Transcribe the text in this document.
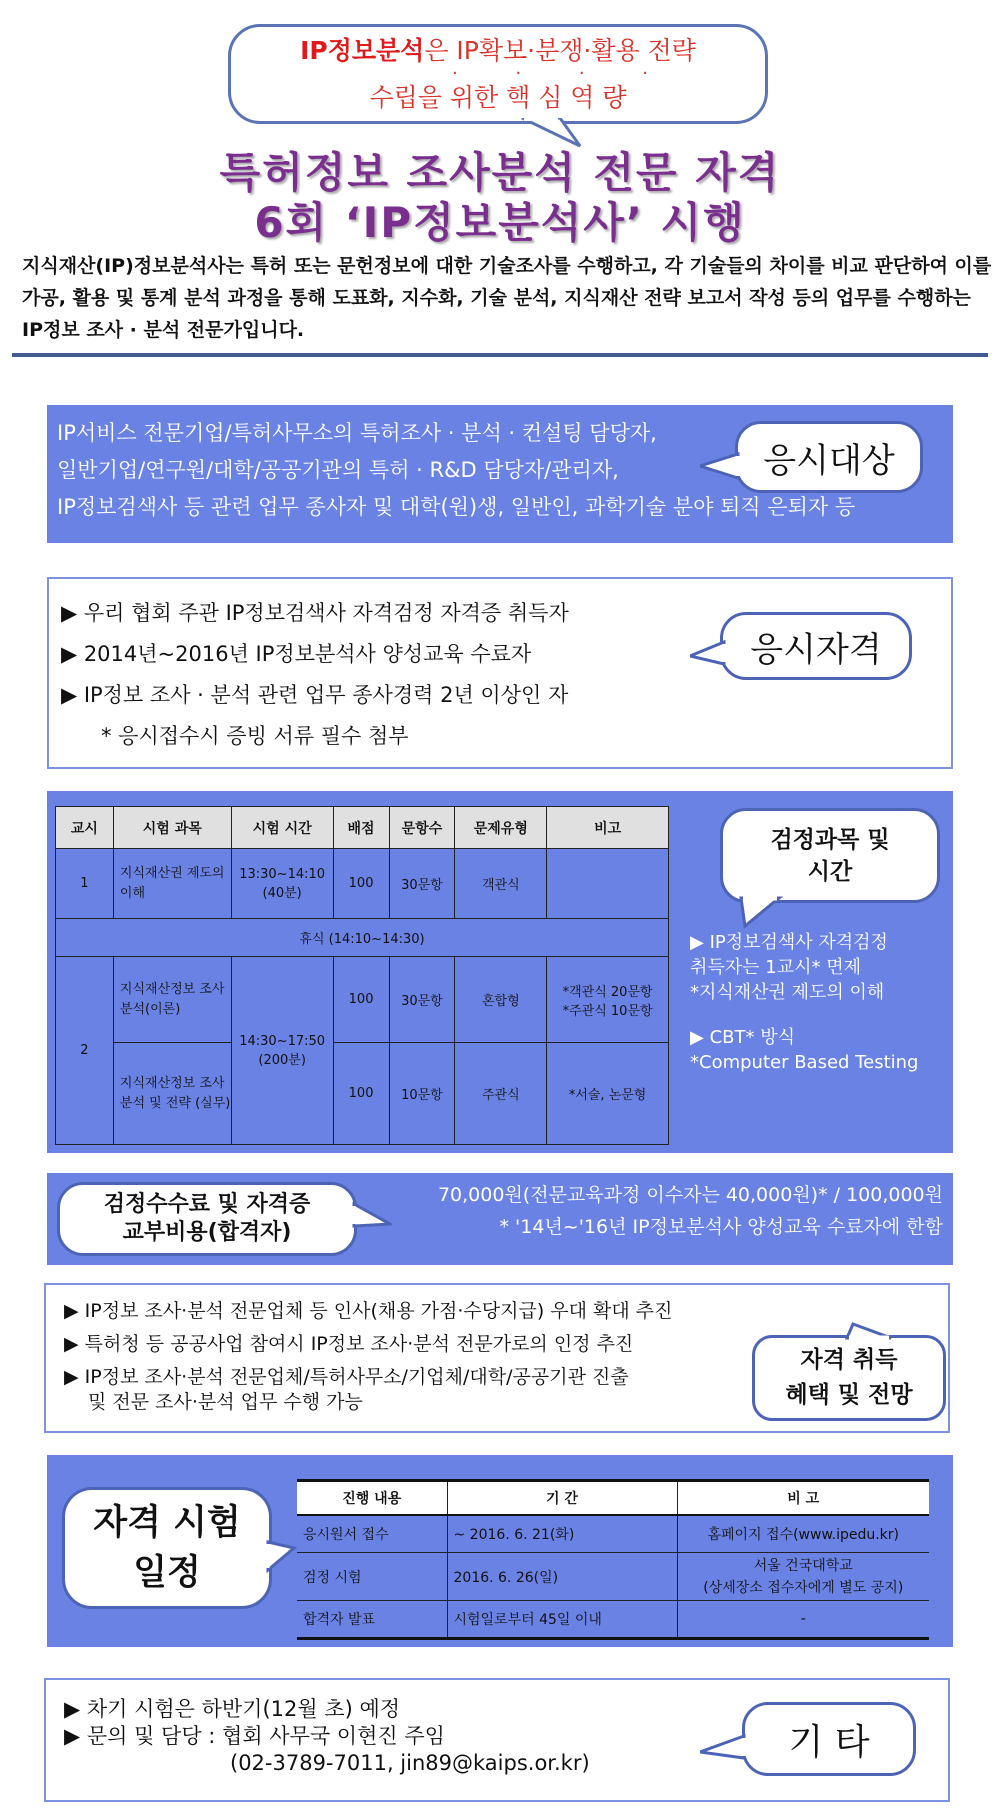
IP정보분석은 IP확보·분쟁·활용 전략
· · · ·
수립을 위한 핵 심 역 량
특허정보 조사분석 전문 자격
6회 ‘IP정보분석사’ 시행
지식재산(IP)정보분석사는 특허 또는 문헌정보에 대한 기술조사를 수행하고, 각 기술들의 차이를 비교 판단하여 이를 가공, 활용 및 통계 분석 과정을 통해 도표화, 지수화, 기술 분석, 지식재산 전략 보고서 작성 등의 업무를 수행하는 IP정보 조사 · 분석 전문가입니다.
IP서비스 전문기업/특허사무소의 특허조사 · 분석 · 컨설팅 담당자,
일반기업/연구원/대학/공공기관의 특허 · R&D 담당자/관리자,
IP정보검색사 등 관련 업무 종사자 및 대학(원)생, 일반인, 과학기술 분야 퇴직 은퇴자 등
응시대상
▶ 우리 협회 주관 IP정보검색사 자격검정 자격증 취득자
▶ 2014년~2016년 IP정보분석사 양성교육 수료자
▶ IP정보 조사 · 분석 관련 업무 종사경력 2년 이상인 자
* 응시접수시 증빙 서류 필수 첨부
응시자격
교시	시험 과목	시험 시간	배점	문항수	문제유형	비고
1	지식재산권 제도의 이해	13:30~14:10 (40분)	100	30문항	객관식	
휴식 (14:10~14:30)						
2	지식재산정보 조사분석(이론)	14:30~17:50 (200분)	100	30문항	혼합형	*객관식 20문항
*주관식 10문항

	지식재산정보 조사분석 및 전략 (실무)		100	10문항	주관식	*서술, 논문형
검정과목 및
시간
▶ IP정보검색사 자격검정
취득자는 1교시* 면제
*지식재산권 제도의 이해
▶ CBT* 방식
*Computer Based Testing
70,000원(전문교육과정 이수자는 40,000원)* / 100,000원
* '14년~'16년 IP정보분석사 양성교육 수료자에 한함
검정수수료 및 자격증
교부비용(합격자)
▶ IP정보 조사·분석 전문업체 등 인사(채용 가점·수당지급) 우대 확대 추진
▶ 특허청 등 공공사업 참여시 IP정보 조사·분석 전문가로의 인정 추진
▶ IP정보 조사·분석 전문업체/특허사무소/기업체/대학/공공기관 진출
및 전문 조사·분석 업무 수행 가능
자격 취득
혜택 및 전망
자격 시험
일정
진행 내용	기 간	비 고
응시원서 접수	~ 2016. 6. 21(화)	홈페이지 접수(www.ipedu.kr)
검정 시험	2016. 6. 26(일)	서울 건국대학교
(상세장소 접수자에게 별도 공지)

합격자 발표	시험일로부터 45일 이내	-
▶ 차기 시험은 하반기(12월 초) 예정
▶ 문의 및 담당 : 협회 사무국 이현진 주임
(02-3789-7011, jin89@kaips.or.kr)
기 타
